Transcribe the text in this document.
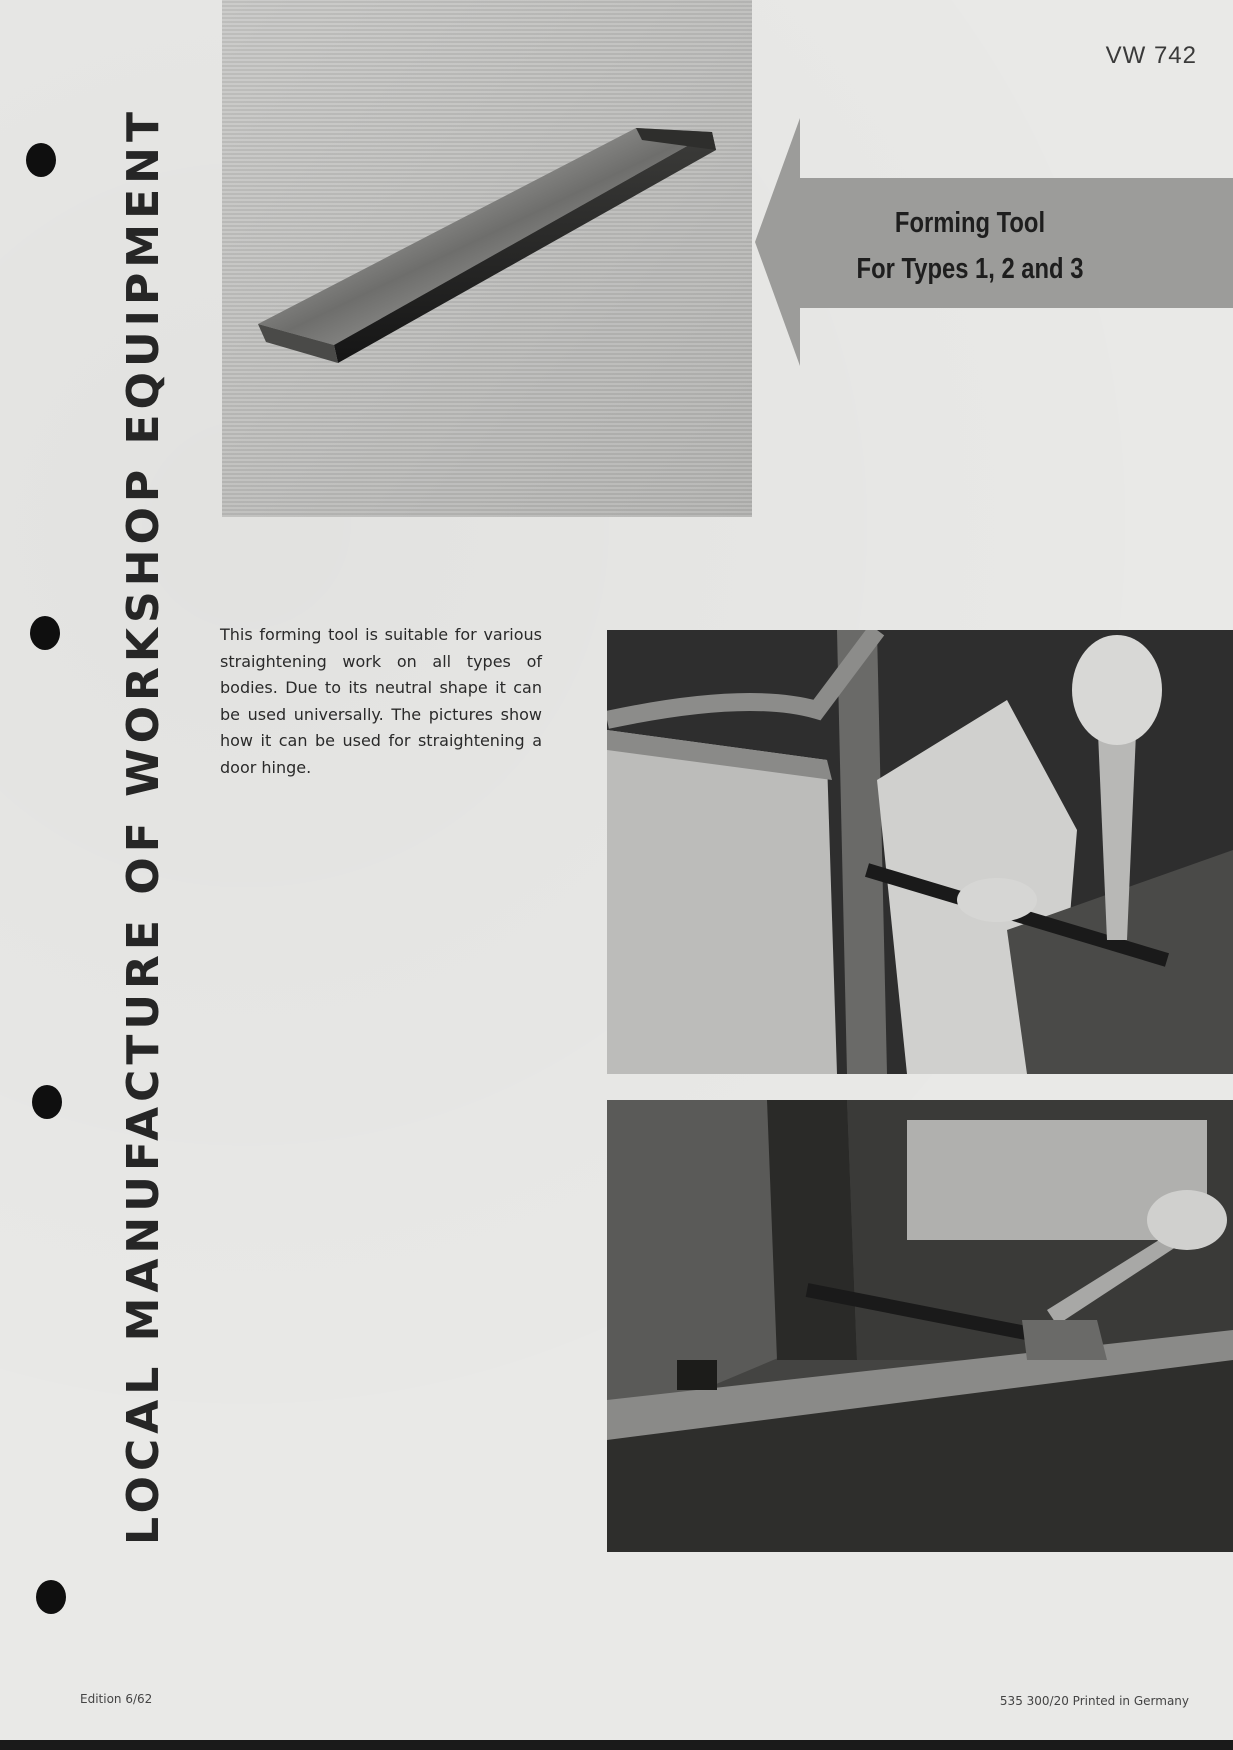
LOCAL MANUFACTURE OF WORKSHOP EQUIPMENT
VW 742
Forming Tool
For Types 1, 2 and 3
This forming tool is suitable for various straightening work on all types of bodies. Due to its neutral shape it can be used universally. The pictures show how it can be used for straightening a door hinge.
Edition 6/62	535 300/20 Printed in Germany
